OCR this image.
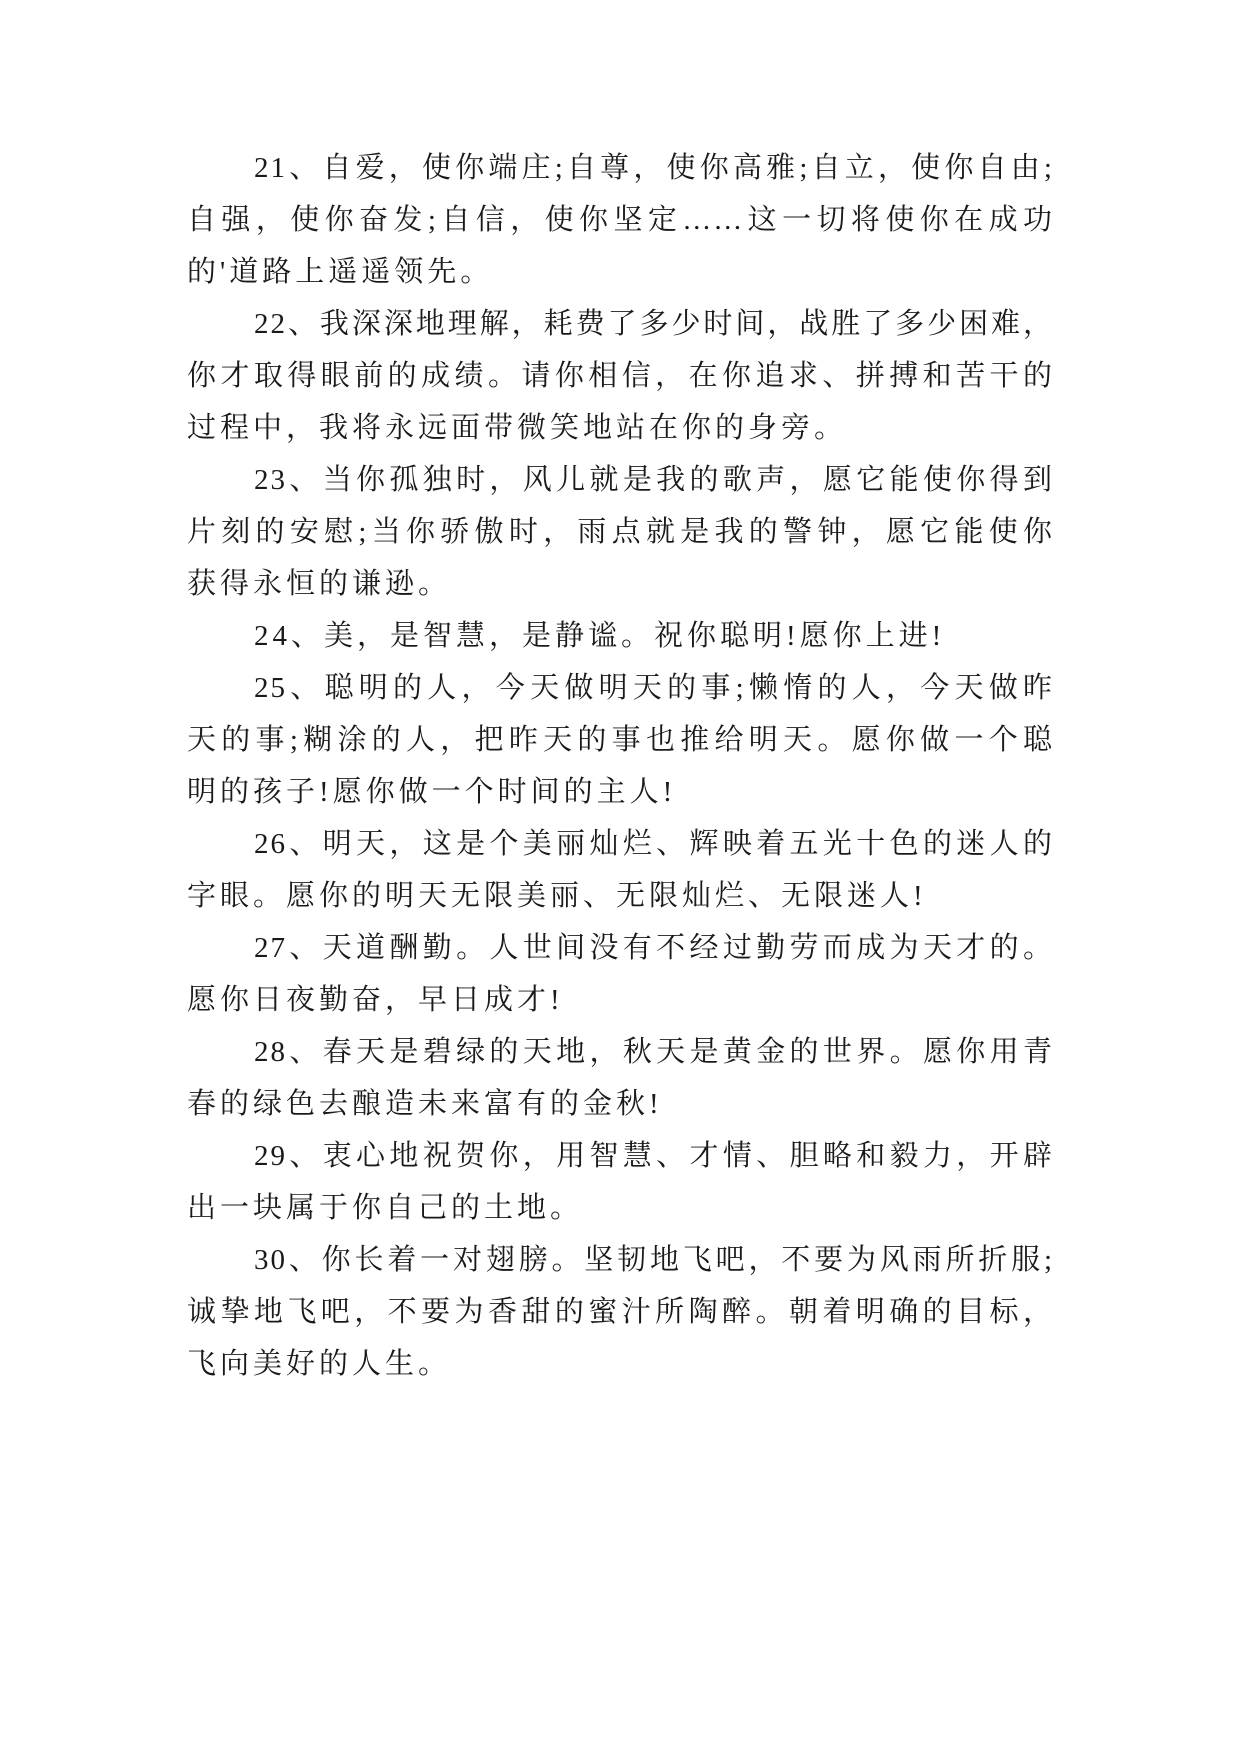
21、自爱，使你端庄;自尊，使你高雅;自立，使你自由;
自强，使你奋发;自信，使你坚定……这一切将使你在成功
的'道路上遥遥领先。
22、我深深地理解，耗费了多少时间，战胜了多少困难，
你才取得眼前的成绩。请你相信，在你追求、拼搏和苦干的
过程中，我将永远面带微笑地站在你的身旁。
23、当你孤独时，风儿就是我的歌声，愿它能使你得到
片刻的安慰;当你骄傲时，雨点就是我的警钟，愿它能使你
获得永恒的谦逊。
24、美，是智慧，是静谧。祝你聪明!愿你上进!
25、聪明的人，今天做明天的事;懒惰的人，今天做昨
天的事;糊涂的人，把昨天的事也推给明天。愿你做一个聪
明的孩子!愿你做一个时间的主人!
26、明天，这是个美丽灿烂、辉映着五光十色的迷人的
字眼。愿你的明天无限美丽、无限灿烂、无限迷人!
27、天道酬勤。人世间没有不经过勤劳而成为天才的。
愿你日夜勤奋，早日成才!
28、春天是碧绿的天地，秋天是黄金的世界。愿你用青
春的绿色去酿造未来富有的金秋!
29、衷心地祝贺你，用智慧、才情、胆略和毅力，开辟
出一块属于你自己的土地。
30、你长着一对翅膀。坚韧地飞吧，不要为风雨所折服;
诚挚地飞吧，不要为香甜的蜜汁所陶醉。朝着明确的目标，
飞向美好的人生。
